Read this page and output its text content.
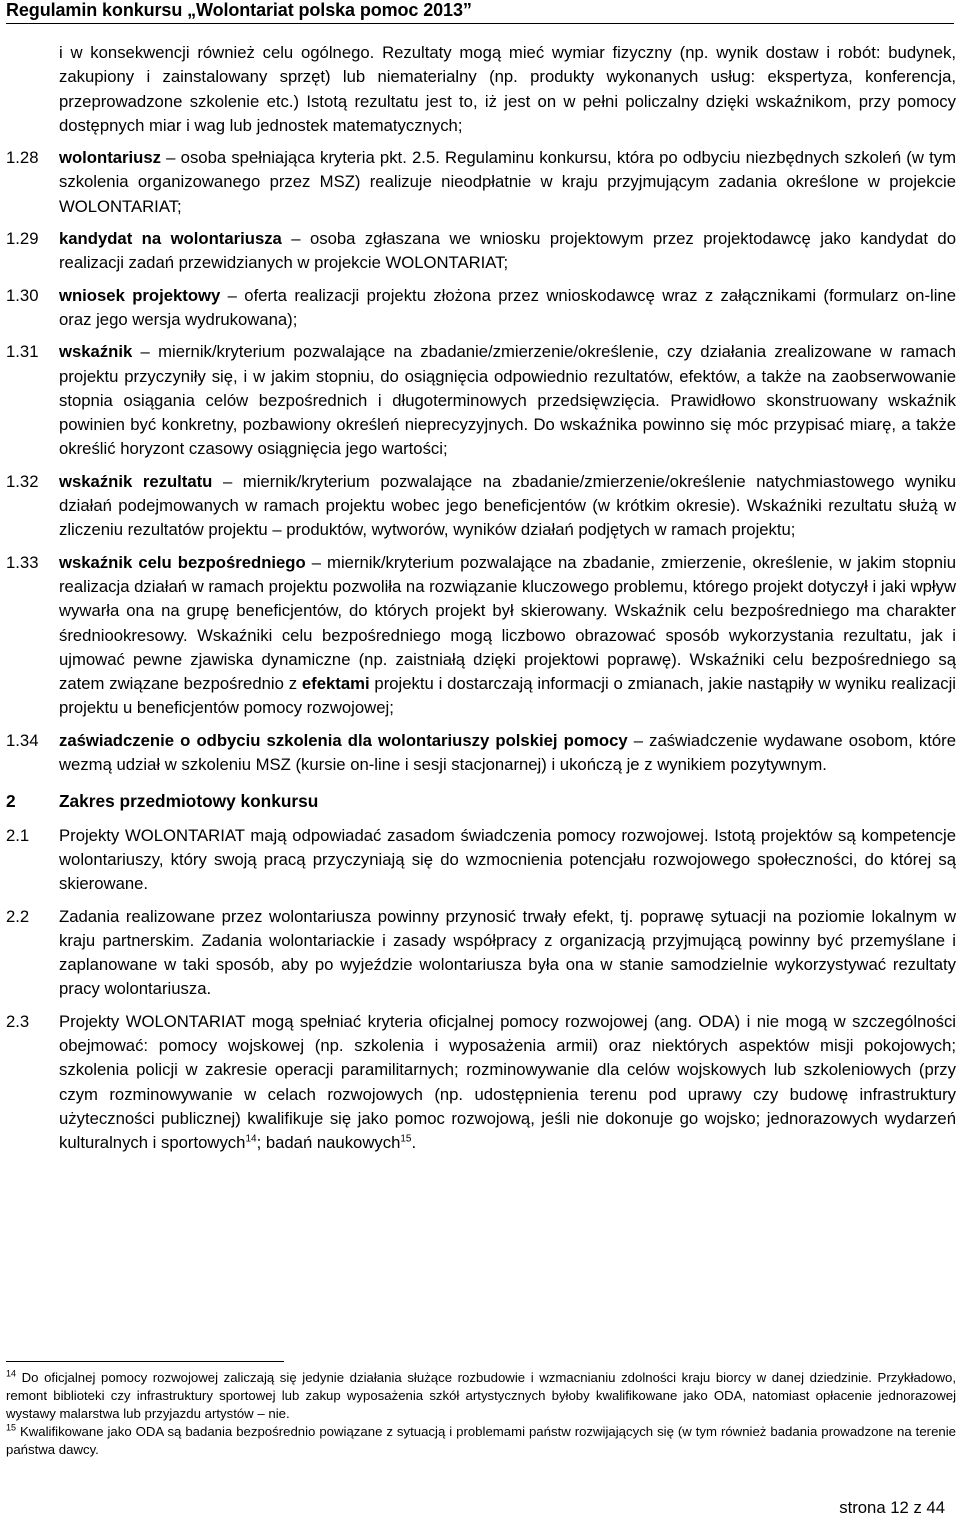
Regulamin konkursu „Wolontariat polska pomoc 2013”
i w konsekwencji również celu ogólnego. Rezultaty mogą mieć wymiar fizyczny (np. wynik dostaw i robót: budynek, zakupiony i zainstalowany sprzęt) lub niematerialny (np. produkty wykonanych usług: ekspertyza, konferencja, przeprowadzone szkolenie etc.) Istotą rezultatu jest to, iż jest on w pełni policzalny dzięki wskaźnikom, przy pomocy dostępnych miar i wag lub jednostek matematycznych;
1.28	wolontariusz – osoba spełniająca kryteria pkt. 2.5. Regulaminu konkursu, która po odbyciu niezbędnych szkoleń (w tym szkolenia organizowanego przez MSZ) realizuje nieodpłatnie w kraju przyjmującym zadania określone w projekcie WOLONTARIAT;
1.29	kandydat na wolontariusza – osoba zgłaszana we wniosku projektowym przez projektodawcę jako kandydat do realizacji zadań przewidzianych w projekcie WOLONTARIAT;
1.30	wniosek projektowy – oferta realizacji projektu złożona przez wnioskodawcę wraz z załącznikami (formularz on-line oraz jego wersja wydrukowana);
1.31	wskaźnik – miernik/kryterium pozwalające na zbadanie/zmierzenie/określenie, czy działania zrealizowane w ramach projektu przyczyniły się, i w jakim stopniu, do osiągnięcia odpowiednio rezultatów, efektów, a także na zaobserwowanie stopnia osiągania celów bezpośrednich i długoterminowych przedsięwzięcia. Prawidłowo skonstruowany wskaźnik powinien być konkretny, pozbawiony określeń nieprecyzyjnych. Do wskaźnika powinno się móc przypisać miarę, a także określić horyzont czasowy osiągnięcia jego wartości;
1.32	wskaźnik rezultatu – miernik/kryterium pozwalające na zbadanie/zmierzenie/określenie natychmiastowego wyniku działań podejmowanych w ramach projektu wobec jego beneficjentów (w krótkim okresie). Wskaźniki rezultatu służą w zliczeniu rezultatów projektu – produktów, wytworów, wyników działań podjętych w ramach projektu;
1.33	wskaźnik celu bezpośredniego – miernik/kryterium pozwalające na zbadanie, zmierzenie, określenie, w jakim stopniu realizacja działań w ramach projektu pozwoliła na rozwiązanie kluczowego problemu, którego projekt dotyczył i jaki wpływ wywarła ona na grupę beneficjentów, do których projekt był skierowany. Wskaźnik celu bezpośredniego ma charakter średniookresowy. Wskaźniki celu bezpośredniego mogą liczbowo obrazować sposób wykorzystania rezultatu, jak i ujmować pewne zjawiska dynamiczne (np. zaistniałą dzięki projektowi poprawę). Wskaźniki celu bezpośredniego są zatem związane bezpośrednio z efektami projektu i dostarczają informacji o zmianach, jakie nastąpiły w wyniku realizacji projektu u beneficjentów pomocy rozwojowej;
1.34	zaświadczenie o odbyciu szkolenia dla wolontariuszy polskiej pomocy – zaświadczenie wydawane osobom, które wezmą udział w szkoleniu MSZ (kursie on-line i sesji stacjonarnej) i ukończą je z wynikiem pozytywnym.
2	Zakres przedmiotowy konkursu
2.1	Projekty WOLONTARIAT mają odpowiadać zasadom świadczenia pomocy rozwojowej. Istotą projektów są kompetencje wolontariuszy, który swoją pracą przyczyniają się do wzmocnienia potencjału rozwojowego społeczności, do której są skierowane.
2.2	Zadania realizowane przez wolontariusza powinny przynosić trwały efekt, tj. poprawę sytuacji na poziomie lokalnym w kraju partnerskim. Zadania wolontariackie i zasady współpracy z organizacją przyjmującą powinny być przemyślane i zaplanowane w taki sposób, aby po wyjeździe wolontariusza była ona w stanie samodzielnie wykorzystywać rezultaty pracy wolontariusza.
2.3	Projekty WOLONTARIAT mogą spełniać kryteria oficjalnej pomocy rozwojowej (ang. ODA) i nie mogą w szczególności obejmować: pomocy wojskowej (np. szkolenia i wyposażenia armii) oraz niektórych aspektów misji pokojowych; szkolenia policji w zakresie operacji paramilitarnych; rozminowywanie dla celów wojskowych lub szkoleniowych (przy czym rozminowywanie w celach rozwojowych (np. udostępnienia terenu pod uprawy czy budowę infrastruktury użyteczności publicznej) kwalifikuje się jako pomoc rozwojową, jeśli nie dokonuje go wojsko; jednorazowych wydarzeń kulturalnych i sportowych$^{14}$; badań naukowych$^{15}$.
$^{14}$ Do oficjalnej pomocy rozwojowej zaliczają się jedynie działania służące rozbudowie i wzmacnianiu zdolności kraju biorcy w danej dziedzinie. Przykładowo, remont biblioteki czy infrastruktury sportowej lub zakup wyposażenia szkół artystycznych byłoby kwalifikowane jako ODA, natomiast opłacenie jednorazowej wystawy malarstwa lub przyjazdu artystów – nie.
$^{15}$ Kwalifikowane jako ODA są badania bezpośrednio powiązane z sytuacją i problemami państw rozwijających się (w tym również badania prowadzone na terenie państwa dawcy.
strona 12 z 44
